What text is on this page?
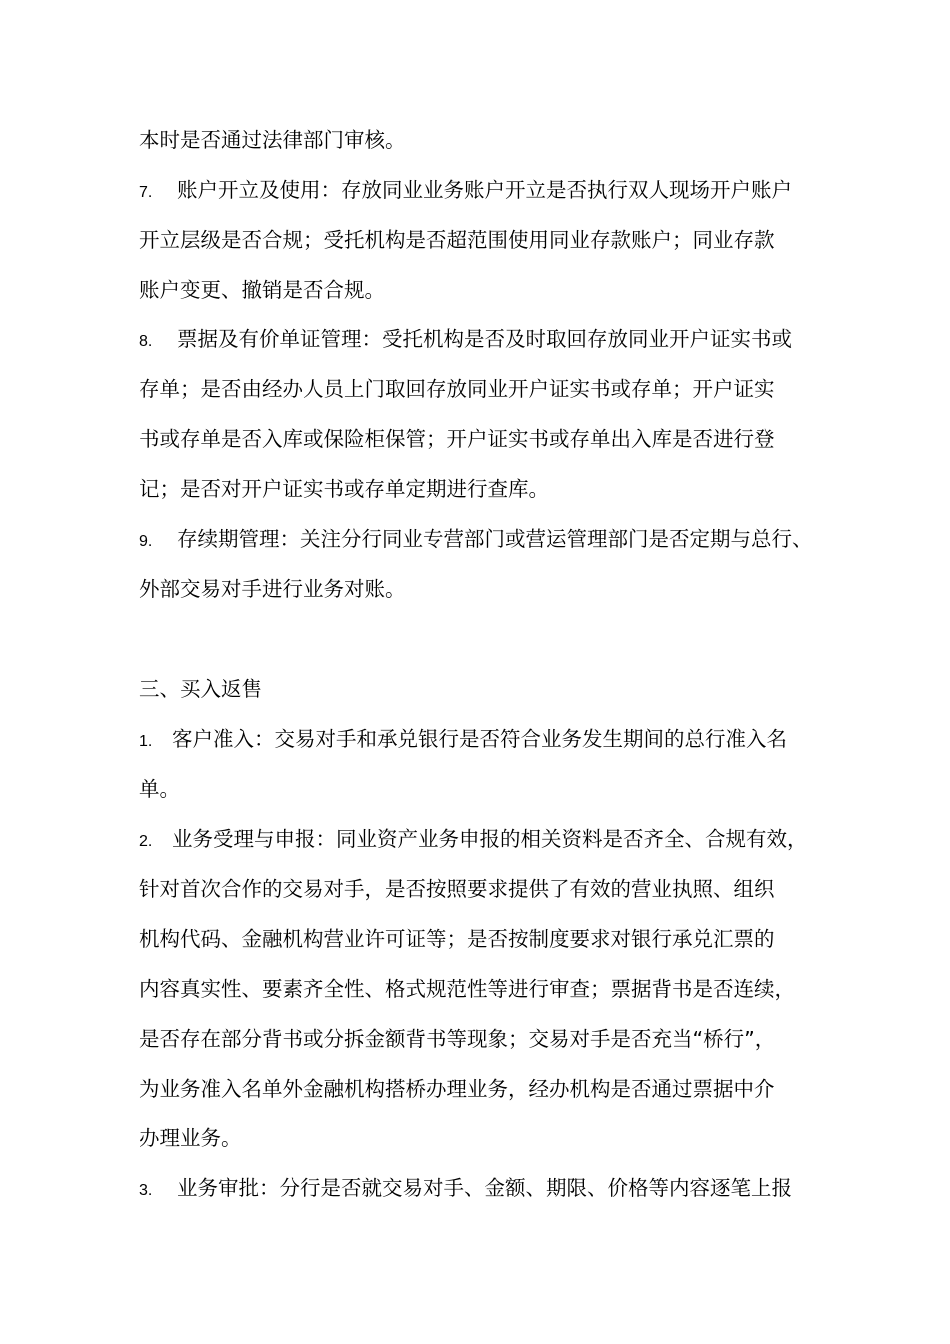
本时是否通过法律部门审核。
7. 账户开立及使用：存放同业业务账户开立是否执行双人现场开户账户
开立层级是否合规；受托机构是否超范围使用同业存款账户；同业存款
账户变更、撤销是否合规。
8. 票据及有价单证管理：受托机构是否及时取回存放同业开户证实书或
存单；是否由经办人员上门取回存放同业开户证实书或存单；开户证实
书或存单是否入库或保险柜保管；开户证实书或存单出入库是否进行登
记；是否对开户证实书或存单定期进行查库。
9. 存续期管理：关注分行同业专营部门或营运管理部门是否定期与总行、
外部交易对手进行业务对账。
三、买入返售
1. 客户准入：交易对手和承兑银行是否符合业务发生期间的总行准入名
单。
2. 业务受理与申报：同业资产业务申报的相关资料是否齐全、合规有效，
针对首次合作的交易对手，是否按照要求提供了有效的营业执照、组织
机构代码、金融机构营业许可证等；是否按制度要求对银行承兑汇票的
内容真实性、要素齐全性、格式规范性等进行审查；票据背书是否连续，
是否存在部分背书或分拆金额背书等现象；交易对手是否充当“桥行”，
为业务准入名单外金融机构搭桥办理业务，经办机构是否通过票据中介
办理业务。
3. 业务审批：分行是否就交易对手、金额、期限、价格等内容逐笔上报
